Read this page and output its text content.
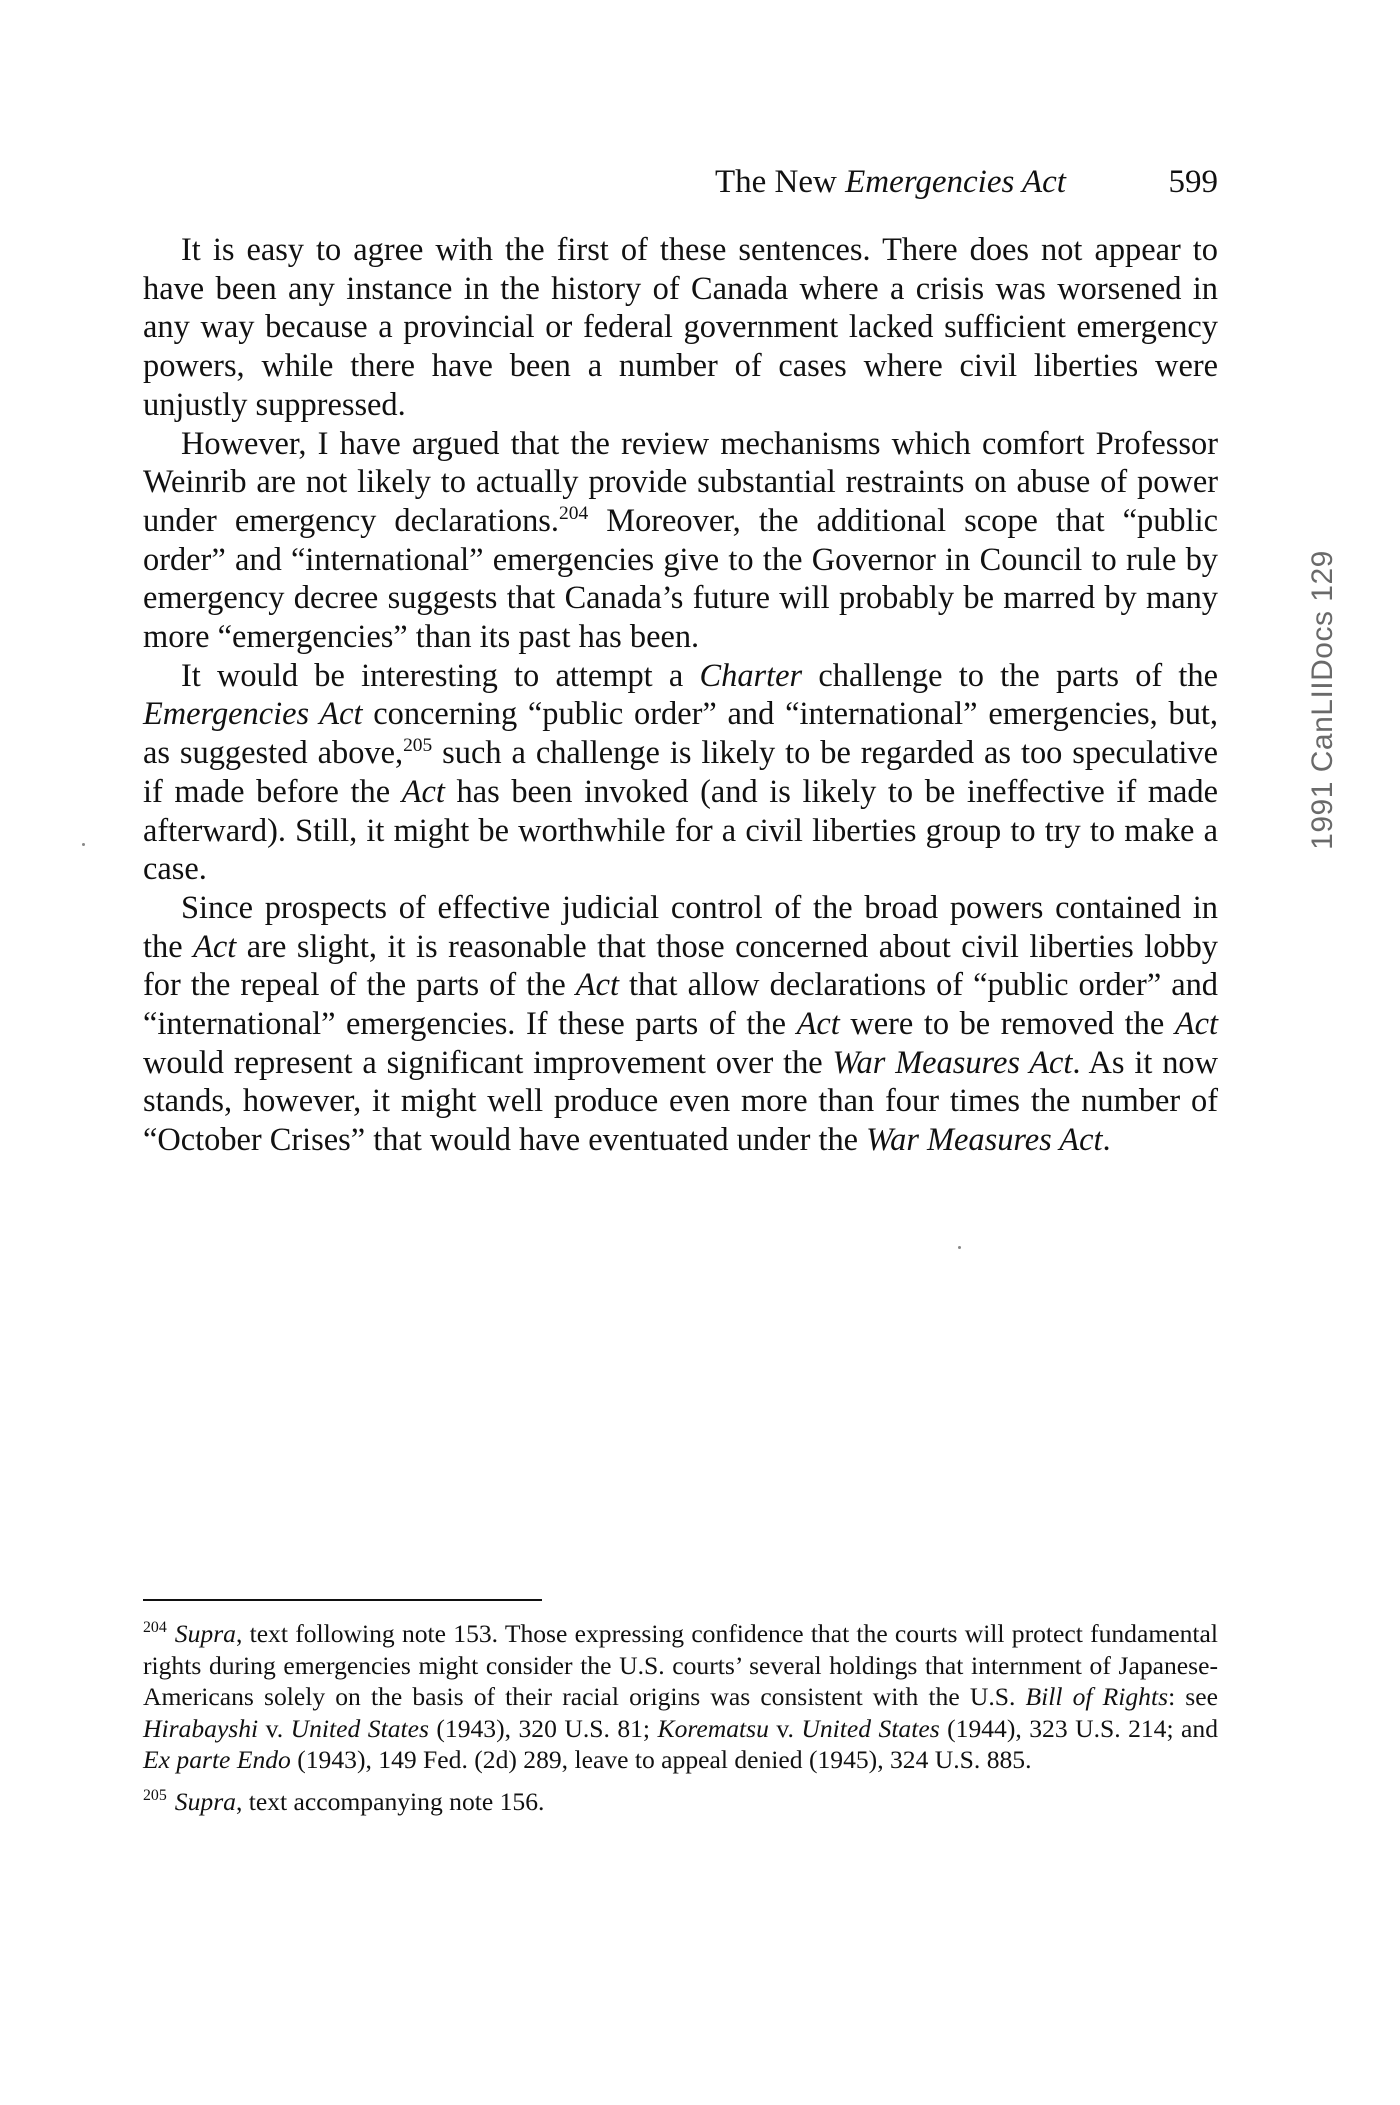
The New Emergencies Act	599

It is easy to agree with the first of these sentences. There does not appear to have been any instance in the history of Canada where a crisis was worsened in any way because a provincial or federal government lacked sufficient emergency powers, while there have been a number of cases where civil liberties were unjustly suppressed.

However, I have argued that the review mechanisms which comfort Professor Weinrib are not likely to actually provide substantial restraints on abuse of power under emergency declarations.$^{204}$ Moreover, the additional scope that “public order” and “international” emergencies give to the Governor in Council to rule by emergency decree suggests that Canada’s future will probably be marred by many more “emergencies” than its past has been.

It would be interesting to attempt a Charter challenge to the parts of the Emergencies Act concerning “public order” and “international” emergencies, but, as suggested above,$^{205}$ such a challenge is likely to be regarded as too speculative if made before the Act has been invoked (and is likely to be ineffective if made afterward). Still, it might be worthwhile for a civil liberties group to try to make a case.

Since prospects of effective judicial control of the broad powers contained in the Act are slight, it is reasonable that those concerned about civil liberties lobby for the repeal of the parts of the Act that allow declarations of “public order” and “international” emergencies. If these parts of the Act were to be removed the Act would represent a significant improvement over the War Measures Act. As it now stands, however, it might well produce even more than four times the number of “October Crises” that would have eventuated under the War Measures Act.

$^{204}$ Supra, text following note 153. Those expressing confidence that the courts will protect fundamental rights during emergencies might consider the U.S. courts’ several holdings that internment of Japanese-Americans solely on the basis of their racial origins was consistent with the U.S. Bill of Rights: see Hirabayshi v. United States (1943), 320 U.S. 81; Korematsu v. United States (1944), 323 U.S. 214; and Ex parte Endo (1943), 149 Fed. (2d) 289, leave to appeal denied (1945), 324 U.S. 885.

$^{205}$ Supra, text accompanying note 156.

1991 CanLIIDocs 129
